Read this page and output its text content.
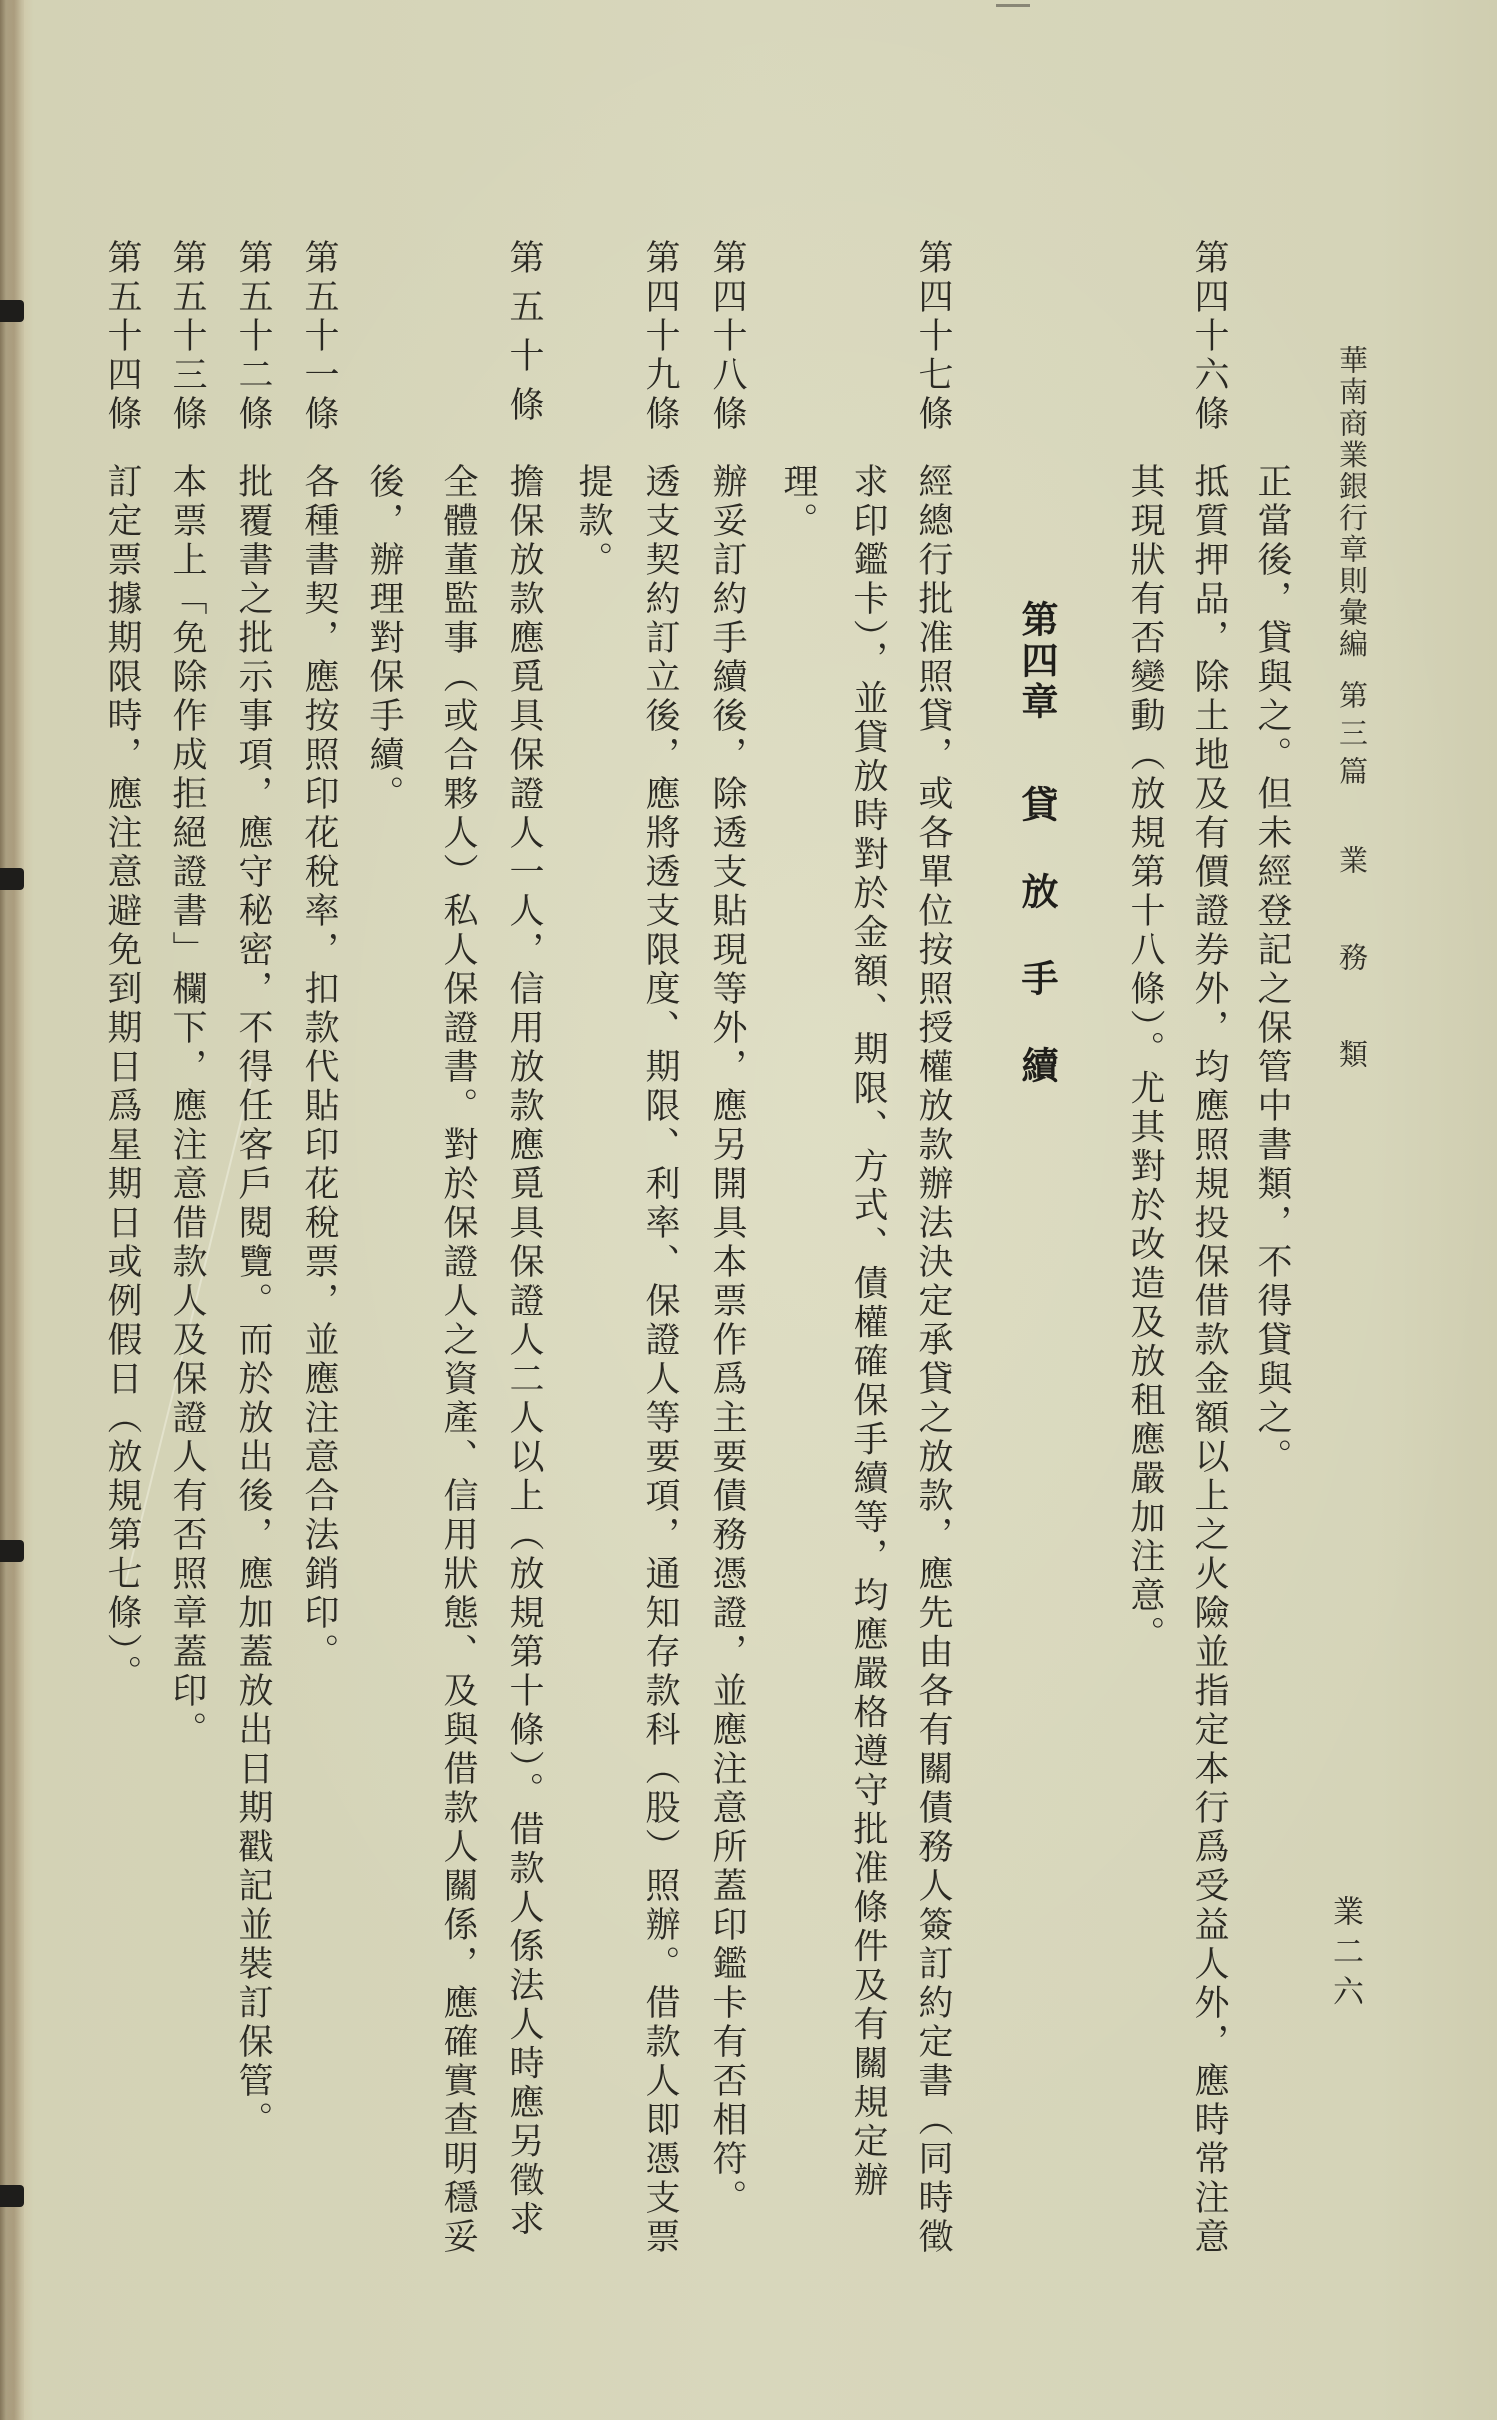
華南商業銀行章則彙編
第三篇
業務類
業二六
正當後，貸與之。但未經登記之保管中書類，不得貸與之。
第四十六條
抵質押品，除土地及有價證券外，均應照規投保借款金額以上之火險並指定本行爲受益人外，應時常注意
其現狀有否變動（放規第十八條）。尤其對於改造及放租應嚴加注意。
第四章
貸放手續
第四十七條
經總行批准照貸，或各單位按照授權放款辦法決定承貸之放款，應先由各有關債務人簽訂約定書（同時徵
求印鑑卡），並貸放時對於金額、期限、方式、債權確保手續等，均應嚴格遵守批准條件及有關規定辦
理。
第四十八條
辦妥訂約手續後，除透支貼現等外，應另開具本票作爲主要債務憑證，並應注意所蓋印鑑卡有否相符。
第四十九條
透支契約訂立後，應將透支限度、期限、利率、保證人等要項，通知存款科（股）照辦。借款人即憑支票
提款。
第五十條
擔保放款應覓具保證人一人，信用放款應覓具保證人二人以上（放規第十條）。借款人係法人時應另徵求
全體董監事（或合夥人）私人保證書。對於保證人之資產、信用狀態、及與借款人關係，應確實查明穩妥
後，辦理對保手續。
第五十一條
各種書契，應按照印花稅率，扣款代貼印花稅票，並應注意合法銷印。
第五十二條
批覆書之批示事項，應守秘密，不得任客戶閱覽。而於放出後，應加蓋放出日期戳記並裝訂保管。
第五十三條
本票上「免除作成拒絕證書」欄下，應注意借款人及保證人有否照章蓋印。
第五十四條
訂定票據期限時，應注意避免到期日爲星期日或例假日（放規第七條）。
